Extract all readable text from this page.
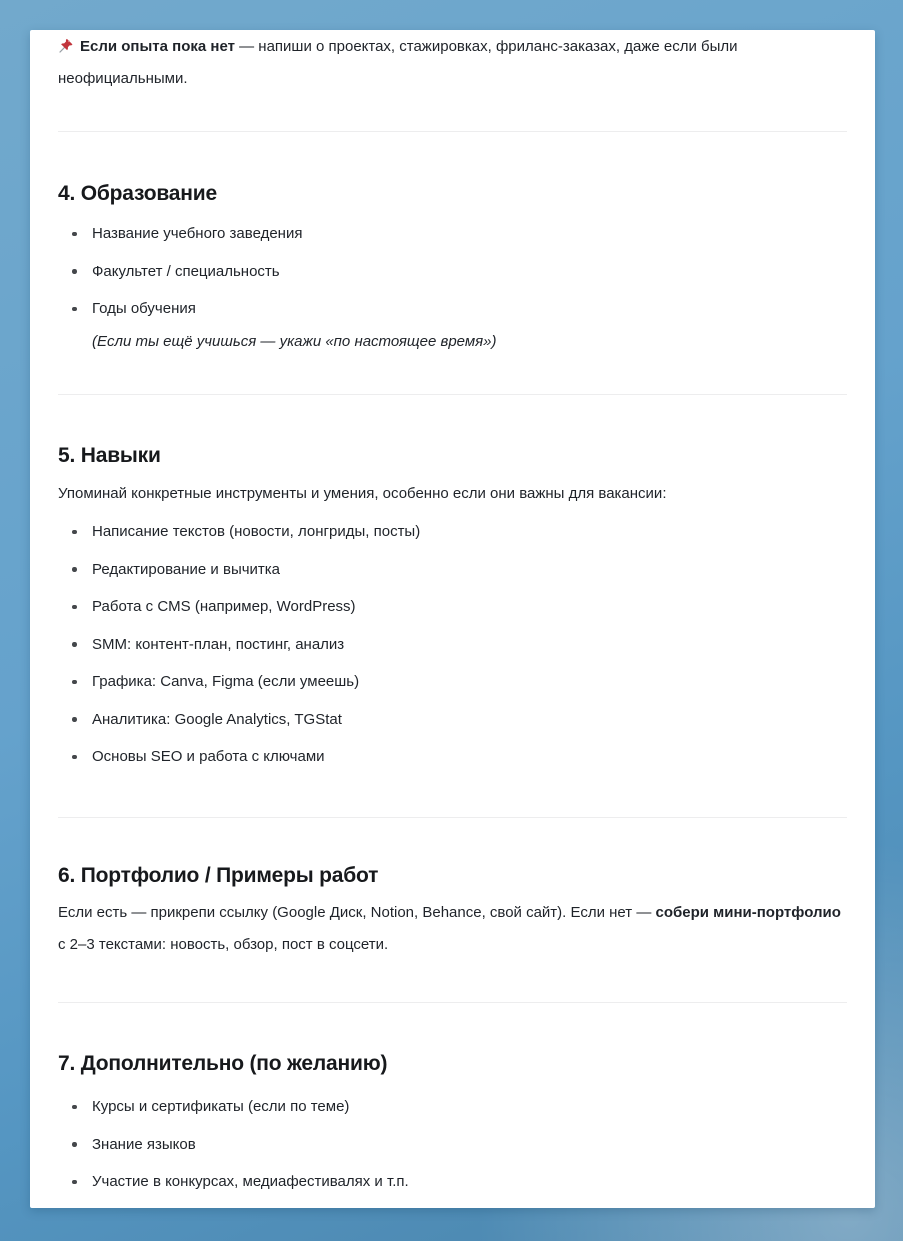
Если опыта пока нет — напиши о проектах, стажировках, фриланс-заказах, даже если были неофициальными.

4. Образование
Название учебного заведения
Факультет / специальность
Годы обучения
(Если ты ещё учишься — укажи «по настоящее время»)
5. Навыки

Упоминай конкретные инструменты и умения, особенно если они важны для вакансии:

Написание текстов (новости, лонгриды, посты)
Редактирование и вычитка
Работа с CMS (например, WordPress)
SMM: контент-план, постинг, анализ
Графика: Canva, Figma (если умеешь)
Аналитика: Google Analytics, TGStat
Основы SEO и работа с ключами
6. Портфолио / Примеры работ

Если есть — прикрепи ссылку (Google Диск, Notion, Behance, свой сайт). Если нет — собери мини-портфолио с 2–3 текстами: новость, обзор, пост в соцсети.

7. Дополнительно (по желанию)
Курсы и сертификаты (если по теме)
Знание языков
Участие в конкурсах, медиафестивалях и т.п.
